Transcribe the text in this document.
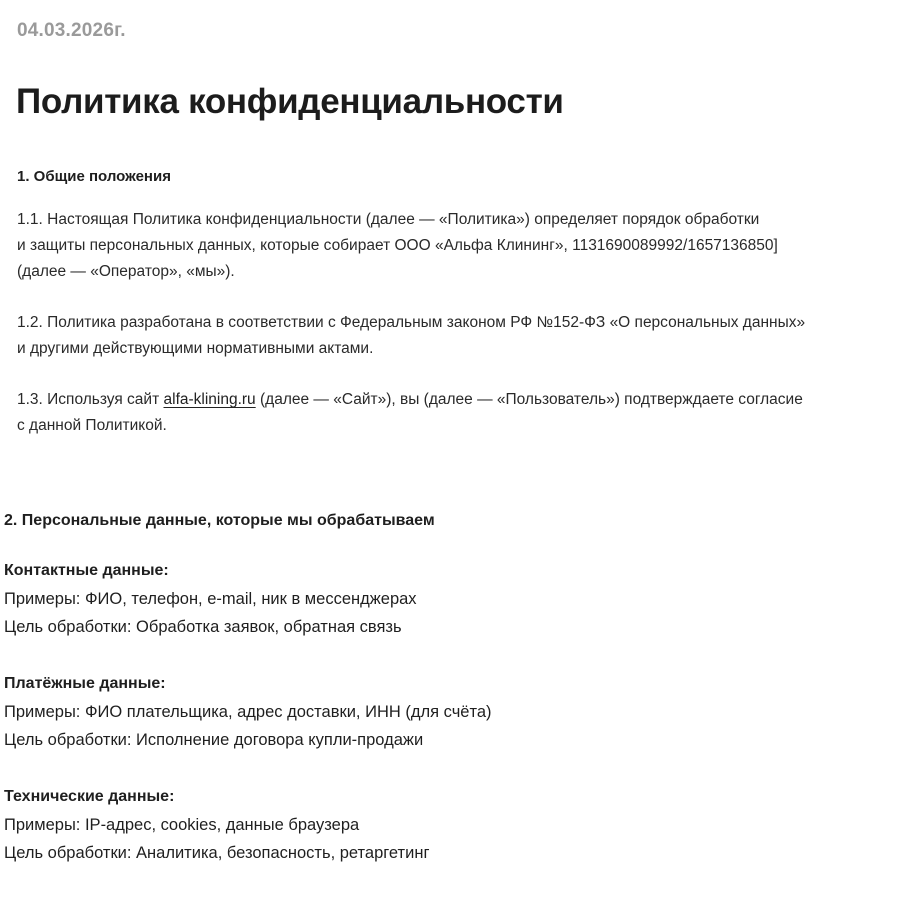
04.03.2026г.
Политика конфиденциальности
1. Общие положения

1.1. Настоящая Политика конфиденциальности (далее — «Политика») определяет порядок обработки
и защиты персональных данных, которые собирает ООО «Альфа Клининг», 1131690089992/1657136850]
(далее — «Оператор», «мы»).

1.2. Политика разработана в соответствии с Федеральным законом РФ №152-ФЗ «О персональных данных»
и другими действующими нормативными актами.

1.3. Используя сайт alfa-klining.ru (далее — «Сайт»), вы (далее — «Пользователь») подтверждаете согласие
с данной Политикой.

2. Персональные данные, которые мы обрабатываем
Контактные данные:
Примеры: ФИО, телефон, e-mail, ник в мессенджерах
Цель обработки: Обработка заявок, обратная связь
Платёжные данные:
Примеры: ФИО плательщика, адрес доставки, ИНН (для счёта)
Цель обработки: Исполнение договора купли-продажи
Технические данные:
Примеры: IP-адрес, cookies, данные браузера
Цель обработки: Аналитика, безопасность, ретаргетинг
